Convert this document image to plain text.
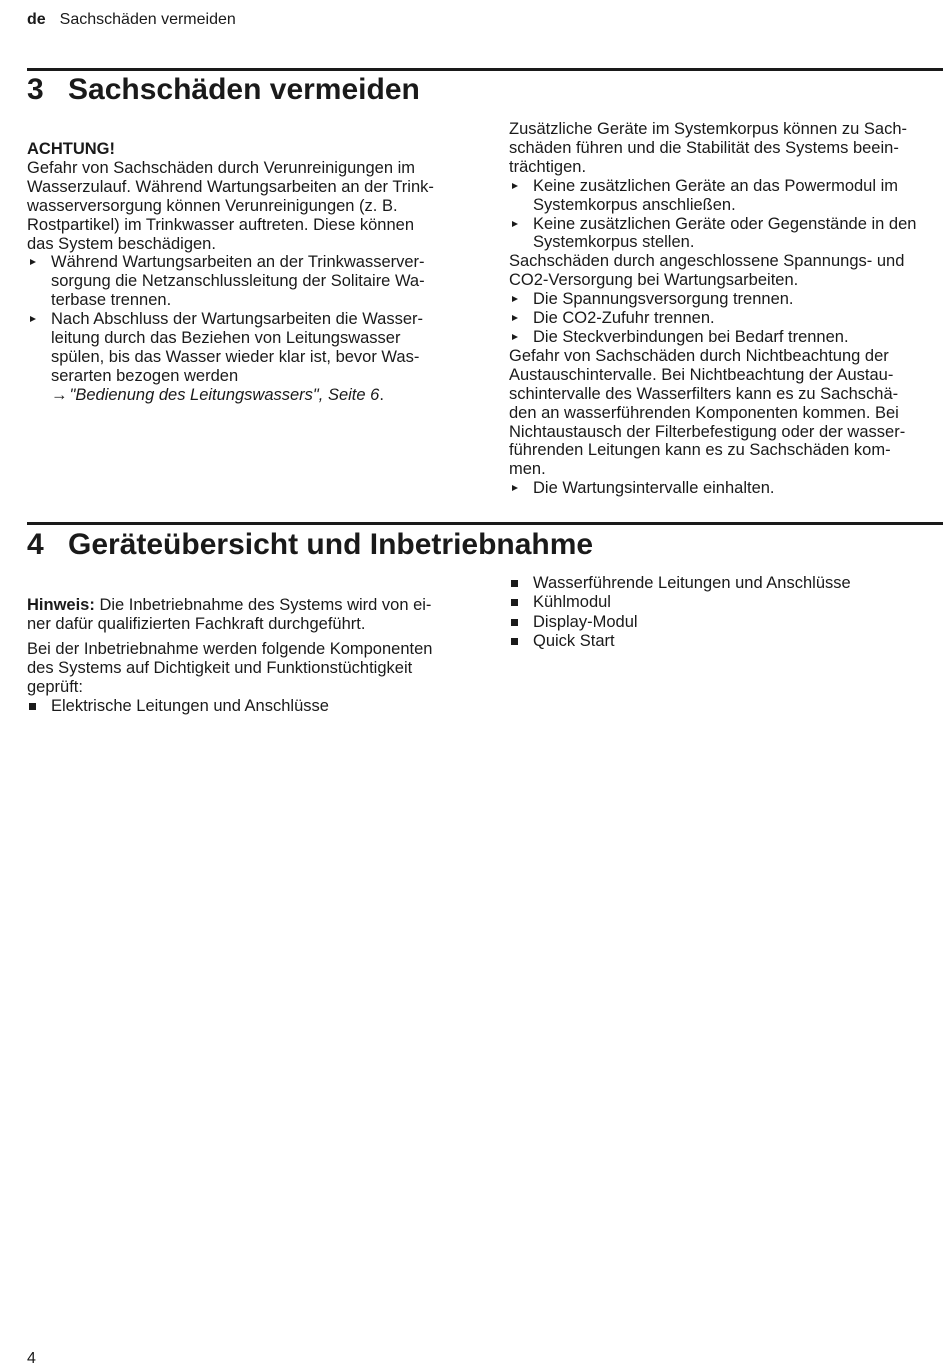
de Sachschäden vermeiden
3 Sachschäden vermeiden

ACHTUNG!

Gefahr von Sachschäden durch Verunreinigungen im
Wasserzulauf. Während Wartungsarbeiten an der Trink-
wasserversorgung können Verunreinigungen (z. B.
Rostpartikel) im Trinkwasser auftreten. Diese können
das System beschädigen.

Während Wartungsarbeiten an der Trinkwasserver-
sorgung die Netzanschlussleitung der Solitaire Wa-
terbase trennen.
Nach Abschluss der Wartungsarbeiten die Wasser-
leitung durch das Beziehen von Leitungswasser
spülen, bis das Wasser wieder klar ist, bevor Was-
serarten bezogen werden
→ "Bedienung des Leitungswassers", Seite 6.

Zusätzliche Geräte im Systemkorpus können zu Sach-
schäden führen und die Stabilität des Systems beein-
trächtigen.

Keine zusätzlichen Geräte an das Powermodul im
Systemkorpus anschließen.
Keine zusätzlichen Geräte oder Gegenstände in den
Systemkorpus stellen.

Sachschäden durch angeschlossene Spannungs- und
CO2-Versorgung bei Wartungsarbeiten.

Die Spannungsversorgung trennen.
Die CO2-Zufuhr trennen.
Die Steckverbindungen bei Bedarf trennen.

Gefahr von Sachschäden durch Nichtbeachtung der
Austauschintervalle. Bei Nichtbeachtung der Austau-
schintervalle des Wasserfilters kann es zu Sachschä-
den an wasserführenden Komponenten kommen. Bei
Nichtaustausch der Filterbefestigung oder der wasser-
führenden Leitungen kann es zu Sachschäden kom-
men.

Die Wartungsintervalle einhalten.
4 Geräteübersicht und Inbetriebnahme

Hinweis: Die Inbetriebnahme des Systems wird von ei-
ner dafür qualifizierten Fachkraft durchgeführt.

Bei der Inbetriebnahme werden folgende Komponenten
des Systems auf Dichtigkeit und Funktionstüchtigkeit
geprüft:

Elektrische Leitungen und Anschlüsse
Wasserführende Leitungen und Anschlüsse
Kühlmodul
Display-Modul
Quick Start
4
